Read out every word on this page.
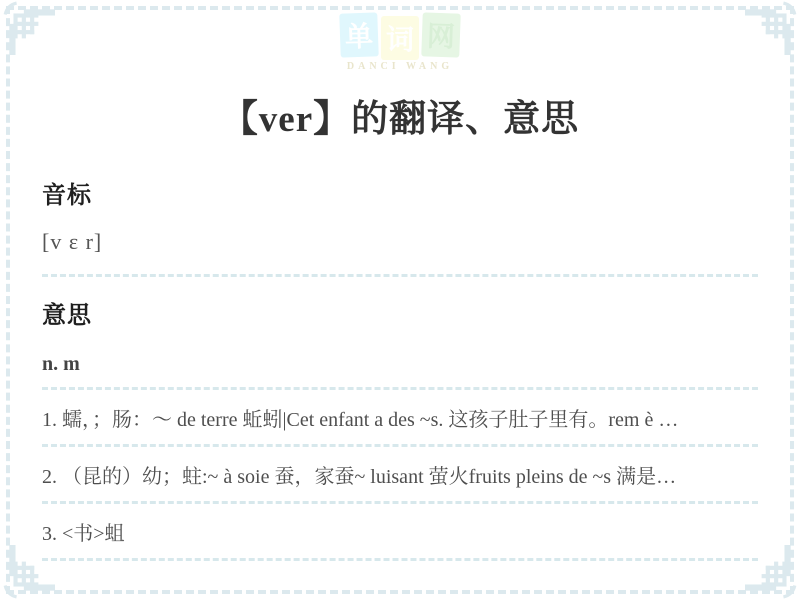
单 词 网
DANCI WANG
【ver】的翻译、意思
音标
[v ɛ r]
意思
n. m
1. 蠕，；肠：～ de terre 蚯蚓|Cet enfant a des ~s. 这孩子肚子里有。rem è …
2. （昆的）幼；蛀:~ à soie 蚕，家蚕~ luisant 萤火fruits pleins de ~s 满是…
3. <书>蛆
